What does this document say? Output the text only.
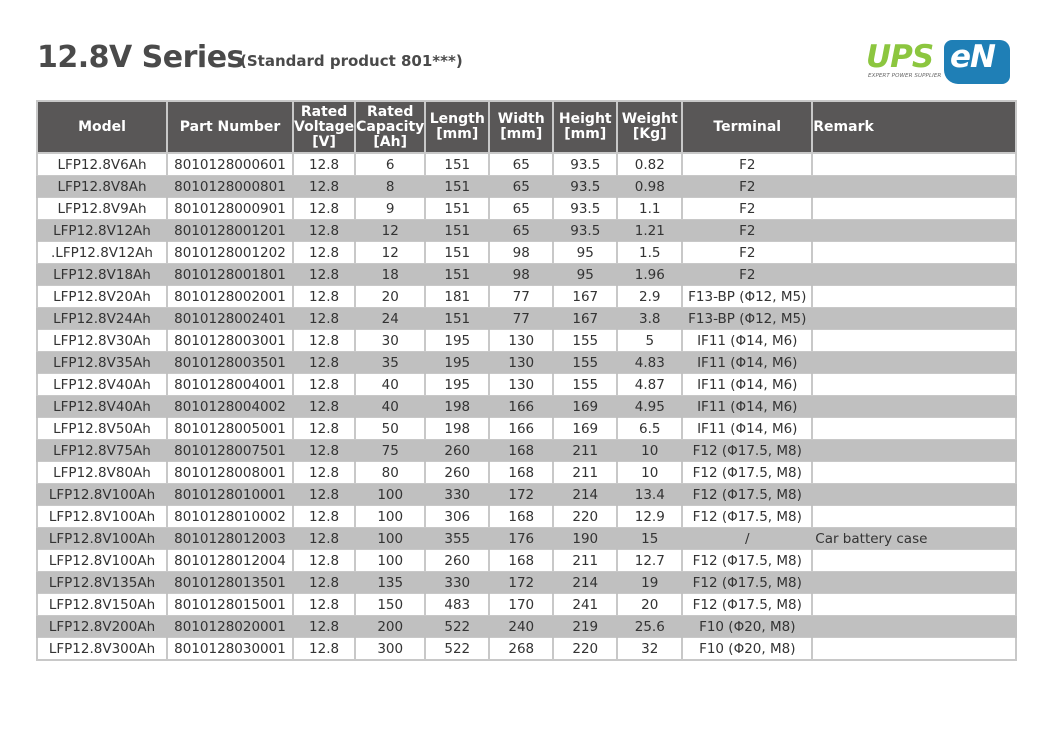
12.8V Series
(Standard product 801***)	UPS eN
EXPERT POWER SUPPLIER
Model	Part Number	Rated
Voltage
[V]	Rated
Capacity
[Ah]	Length
[mm]	Width
[mm]	Height
[mm]	Weight
[Kg]	Terminal	Remark
LFP12.8V6Ah	8010128000601	12.8	6	151	65	93.5	0.82	F2	
LFP12.8V8Ah	8010128000801	12.8	8	151	65	93.5	0.98	F2	
LFP12.8V9Ah	8010128000901	12.8	9	151	65	93.5	1.1	F2	
LFP12.8V12Ah	8010128001201	12.8	12	151	65	93.5	1.21	F2	
.LFP12.8V12Ah	8010128001202	12.8	12	151	98	95	1.5	F2	
LFP12.8V18Ah	8010128001801	12.8	18	151	98	95	1.96	F2	
LFP12.8V20Ah	8010128002001	12.8	20	181	77	167	2.9	F13-BP (Φ12, M5)	
LFP12.8V24Ah	8010128002401	12.8	24	151	77	167	3.8	F13-BP (Φ12, M5)	
LFP12.8V30Ah	8010128003001	12.8	30	195	130	155	5	IF11 (Φ14, M6)	
LFP12.8V35Ah	8010128003501	12.8	35	195	130	155	4.83	IF11 (Φ14, M6)	
LFP12.8V40Ah	8010128004001	12.8	40	195	130	155	4.87	IF11 (Φ14, M6)	
LFP12.8V40Ah	8010128004002	12.8	40	198	166	169	4.95	IF11 (Φ14, M6)	
LFP12.8V50Ah	8010128005001	12.8	50	198	166	169	6.5	IF11 (Φ14, M6)	
LFP12.8V75Ah	8010128007501	12.8	75	260	168	211	10	F12 (Φ17.5, M8)	
LFP12.8V80Ah	8010128008001	12.8	80	260	168	211	10	F12 (Φ17.5, M8)	
LFP12.8V100Ah	8010128010001	12.8	100	330	172	214	13.4	F12 (Φ17.5, M8)	
LFP12.8V100Ah	8010128010002	12.8	100	306	168	220	12.9	F12 (Φ17.5, M8)	
LFP12.8V100Ah	8010128012003	12.8	100	355	176	190	15	/	Car battery case
LFP12.8V100Ah	8010128012004	12.8	100	260	168	211	12.7	F12 (Φ17.5, M8)	
LFP12.8V135Ah	8010128013501	12.8	135	330	172	214	19	F12 (Φ17.5, M8)	
LFP12.8V150Ah	8010128015001	12.8	150	483	170	241	20	F12 (Φ17.5, M8)	
LFP12.8V200Ah	8010128020001	12.8	200	522	240	219	25.6	F10 (Φ20, M8)	
LFP12.8V300Ah	8010128030001	12.8	300	522	268	220	32	F10 (Φ20, M8)	
